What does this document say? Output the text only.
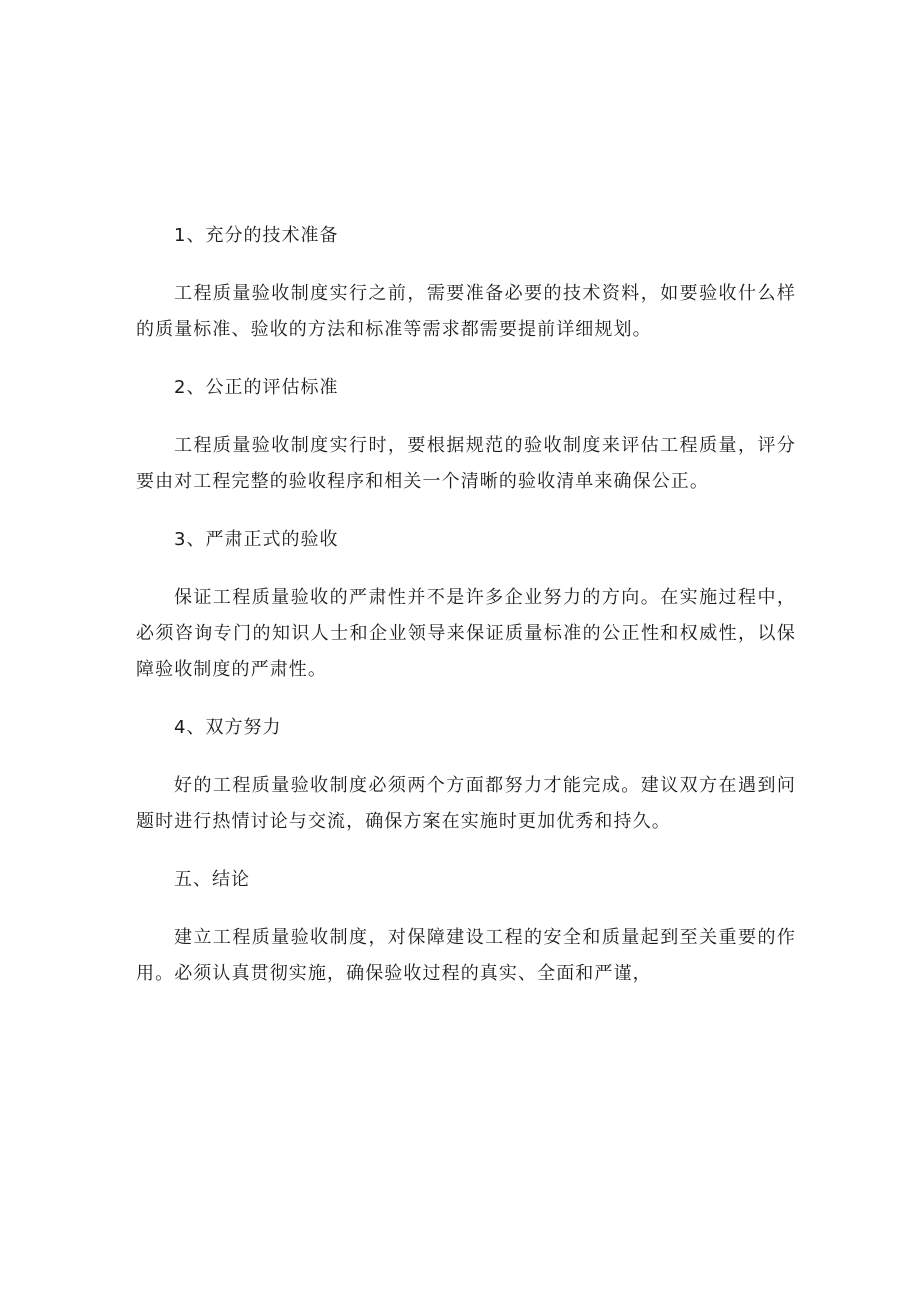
1、充分的技术准备
工程质量验收制度实行之前，需要准备必要的技术资料，如要验收什么样的质量标准、验收的方法和标准等需求都需要提前详细规划。
2、公正的评估标准
工程质量验收制度实行时，要根据规范的验收制度来评估工程质量，评分要由对工程完整的验收程序和相关一个清晰的验收清单来确保公正。
3、严肃正式的验收
保证工程质量验收的严肃性并不是许多企业努力的方向。在实施过程中，必须咨询专门的知识人士和企业领导来保证质量标准的公正性和权威性，以保障验收制度的严肃性。
4、双方努力
好的工程质量验收制度必须两个方面都努力才能完成。建议双方在遇到问题时进行热情讨论与交流，确保方案在实施时更加优秀和持久。
五、结论
建立工程质量验收制度，对保障建设工程的安全和质量起到至关重要的作用。必须认真贯彻实施，确保验收过程的真实、全面和严谨，
